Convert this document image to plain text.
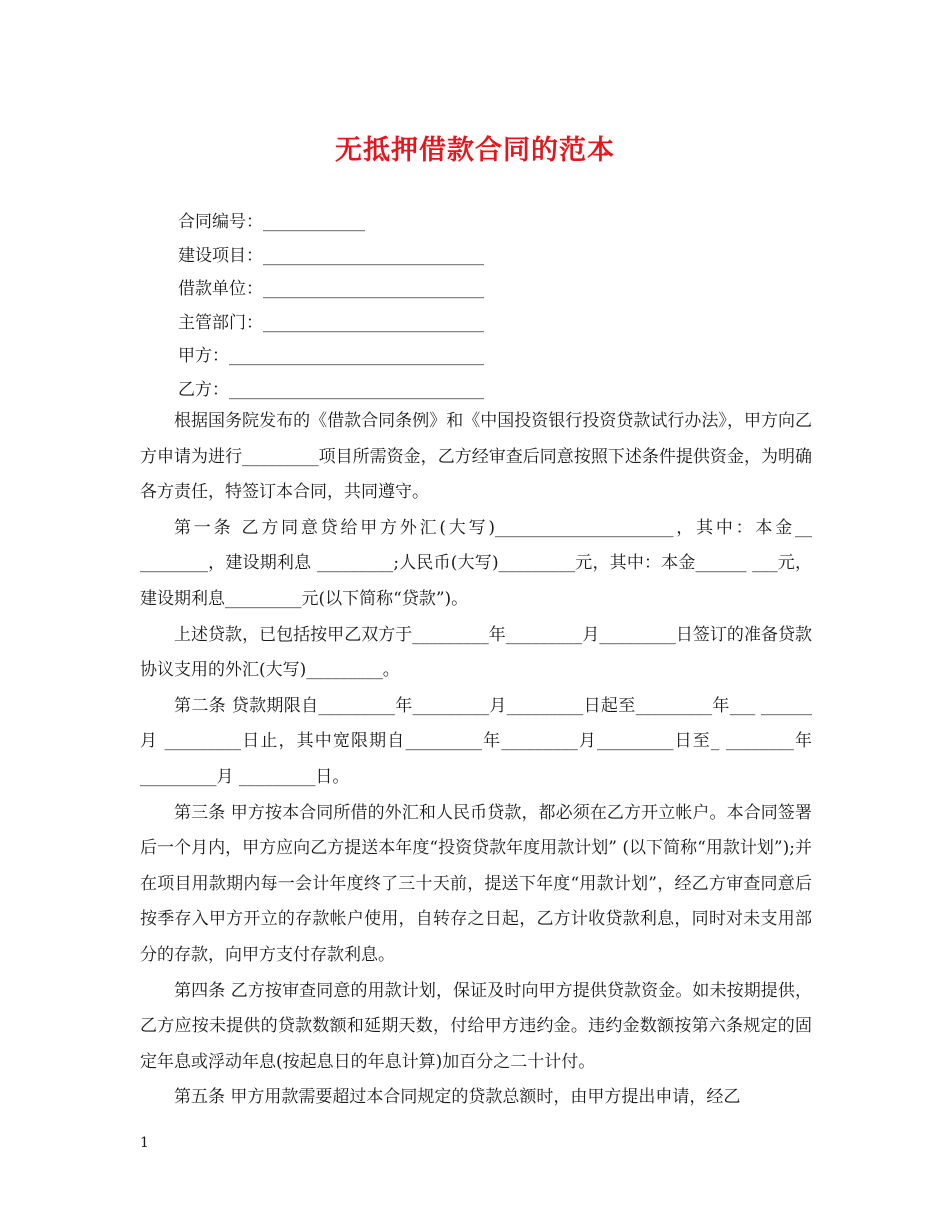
无抵押借款合同的范本
合同编号：____________
建设项目：__________________________
借款单位：__________________________
主管部门：__________________________
甲方：______________________________
乙方：______________________________

根据国务院发布的《借款合同条例》和《中国投资银行投资贷款试行办法》，甲方向乙方申请为进行_________项目所需资金，乙方经审查后同意按照下述条件提供资金，为明确各方责任，特签订本合同，共同遵守。

第一条 乙方同意贷给甲方外汇(大写)_____________________，其中：本金__ ________，建设期利息 _________;人民币(大写)_________元，其中：本金______ ___元，建设期利息_________元(以下简称“贷款”)。

上述贷款，已包括按甲乙双方于_________年_________月_________日签订的准备贷款协议支用的外汇(大写)_________。

第二条 贷款期限自_________年_________月_________日起至_________年___ ______月 _________日止，其中宽限期自_________年_________月_________日至_ ________年_________月 _________日。

第三条 甲方按本合同所借的外汇和人民币贷款，都必须在乙方开立帐户。本合同签署后一个月内，甲方应向乙方提送本年度“投资贷款年度用款计划” (以下简称“用款计划”);并在项目用款期内每一会计年度终了三十天前，提送下年度“用款计划”，经乙方审查同意后按季存入甲方开立的存款帐户使用，自转存之日起，乙方计收贷款利息，同时对未支用部分的存款，向甲方支付存款利息。

第四条 乙方按审查同意的用款计划，保证及时向甲方提供贷款资金。如未按期提供，乙方应按未提供的贷款数额和延期天数，付给甲方违约金。违约金数额按第六条规定的固定年息或浮动年息(按起息日的年息计算)加百分之二十计付。

第五条 甲方用款需要超过本合同规定的贷款总额时，由甲方提出申请，经乙

1
